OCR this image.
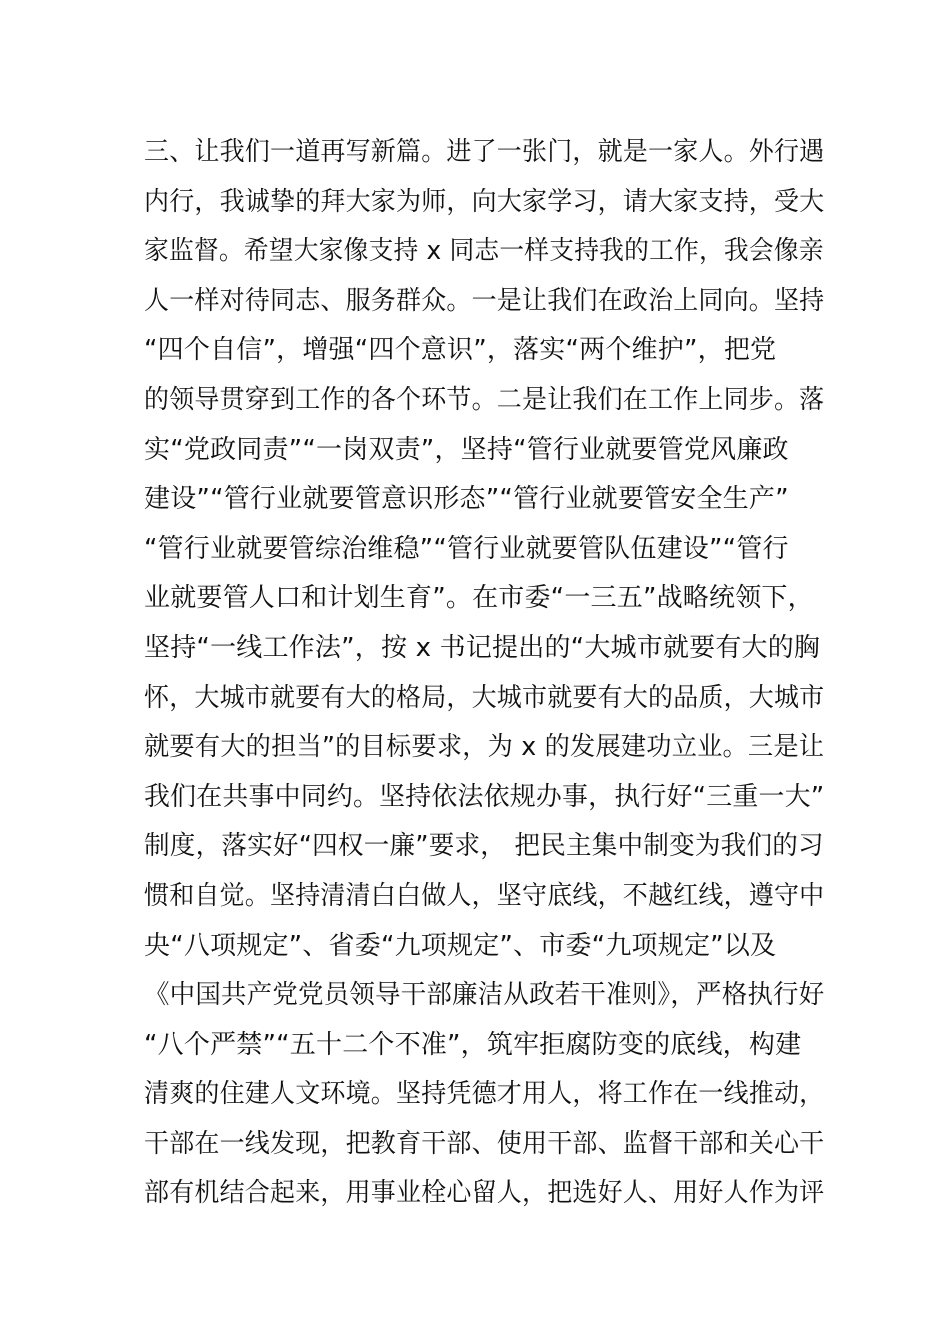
三、让我们一道再写新篇。进了一张门，就是一家人。外行遇
内行，我诚挚的拜大家为师，向大家学习，请大家支持，受大
家监督。希望大家像支持 x 同志一样支持我的工作，我会像亲
人一样对待同志、服务群众。一是让我们在政治上同向。坚持
“四个自信”，增强“四个意识”，落实“两个维护”，把党
的领导贯穿到工作的各个环节。二是让我们在工作上同步。落
实“党政同责”“一岗双责”，坚持“管行业就要管党风廉政
建设”“管行业就要管意识形态”“管行业就要管安全生产”
“管行业就要管综治维稳”“管行业就要管队伍建设”“管行
业就要管人口和计划生育”。在市委“一三五”战略统领下，
坚持“一线工作法”，按 x 书记提出的“大城市就要有大的胸
怀，大城市就要有大的格局，大城市就要有大的品质，大城市
就要有大的担当”的目标要求，为 x 的发展建功立业。三是让
我们在共事中同约。坚持依法依规办事，执行好“三重一大”
制度，落实好“四权一廉”要求， 把民主集中制变为我们的习
惯和自觉。坚持清清白白做人，坚守底线，不越红线，遵守中
央“八项规定”、省委“九项规定”、市委“九项规定”以及
《中国共产党党员领导干部廉洁从政若干准则》，严格执行好
“八个严禁”“五十二个不准”，筑牢拒腐防变的底线，构建
清爽的住建人文环境。坚持凭德才用人，将工作在一线推动，
干部在一线发现，把教育干部、使用干部、监督干部和关心干
部有机结合起来，用事业栓心留人，把选好人、用好人作为评
